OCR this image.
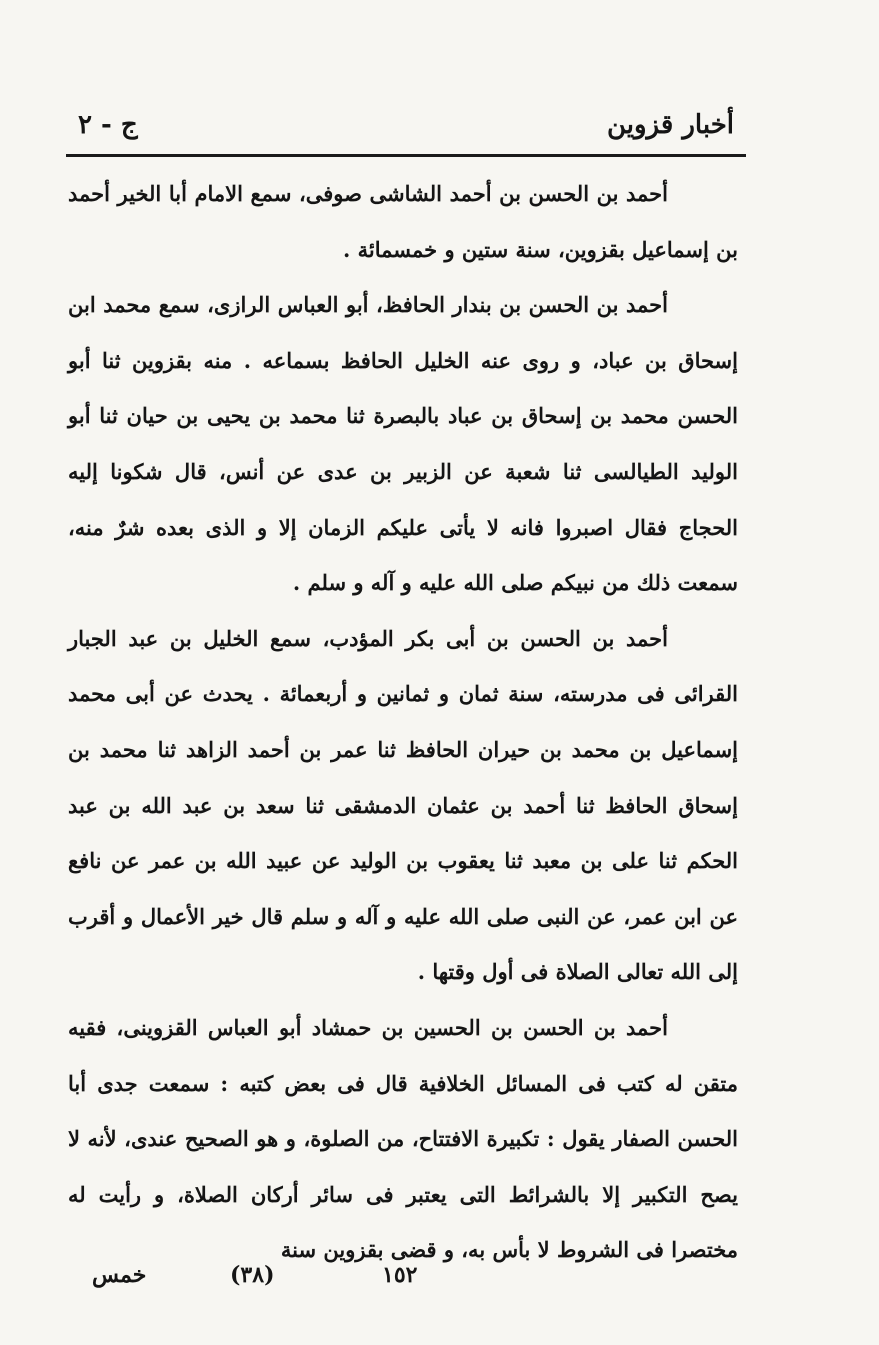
أخبار قزوين
ج - ٢

أحمد بن الحسن بن أحمد الشاشى صوفى، سمع الامام أبا الخير أحمد بن إسماعيل بقزوين، سنة ستين و خمسمائة .

أحمد بن الحسن بن بندار الحافظ، أبو العباس الرازى، سمع محمد ابن إسحاق بن عباد، و روى عنه الخليل الحافظ بسماعه . منه بقزوين ثنا أبو الحسن محمد بن إسحاق بن عباد بالبصرة ثنا محمد بن يحيى بن حيان ثنا أبو الوليد الطيالسى ثنا شعبة عن الزبير بن عدى عن أنس، قال شكونا إليه الحجاج فقال اصبروا فانه لا يأتى عليكم الزمان إلا و الذى بعده شرٌ منه، سمعت ذلك من نبيكم صلى الله عليه و آله و سلم .

أحمد بن الحسن بن أبى بكر المؤدب، سمع الخليل بن عبد الجبار القرائى فى مدرسته، سنة ثمان و ثمانين و أربعمائة . يحدث عن أبى محمد إسماعيل بن محمد بن حيران الحافظ ثنا عمر بن أحمد الزاهد ثنا محمد بن إسحاق الحافظ ثنا أحمد بن عثمان الدمشقى ثنا سعد بن عبد الله بن عبد الحكم ثنا على بن معبد ثنا يعقوب بن الوليد عن عبيد الله بن عمر عن نافع عن ابن عمر، عن النبى صلى الله عليه و آله و سلم قال خير الأعمال و أقرب إلى الله تعالى الصلاة فى أول وقتها .

أحمد بن الحسن بن الحسين بن حمشاد أبو العباس القزوينى، فقيه متقن له كتب فى المسائل الخلافية قال فى بعض كتبه : سمعت جدى أبا الحسن الصفار يقول : تكبيرة الافتتاح، من الصلوة، و هو الصحيح عندى، لأنه لا يصح التكبير إلا بالشرائط التى يعتبر فى سائر أركان الصلاة، و رأيت له مختصرا فى الشروط لا بأس به، و قضى بقزوين سنة

١٥٢
(٣٨)
خمس
